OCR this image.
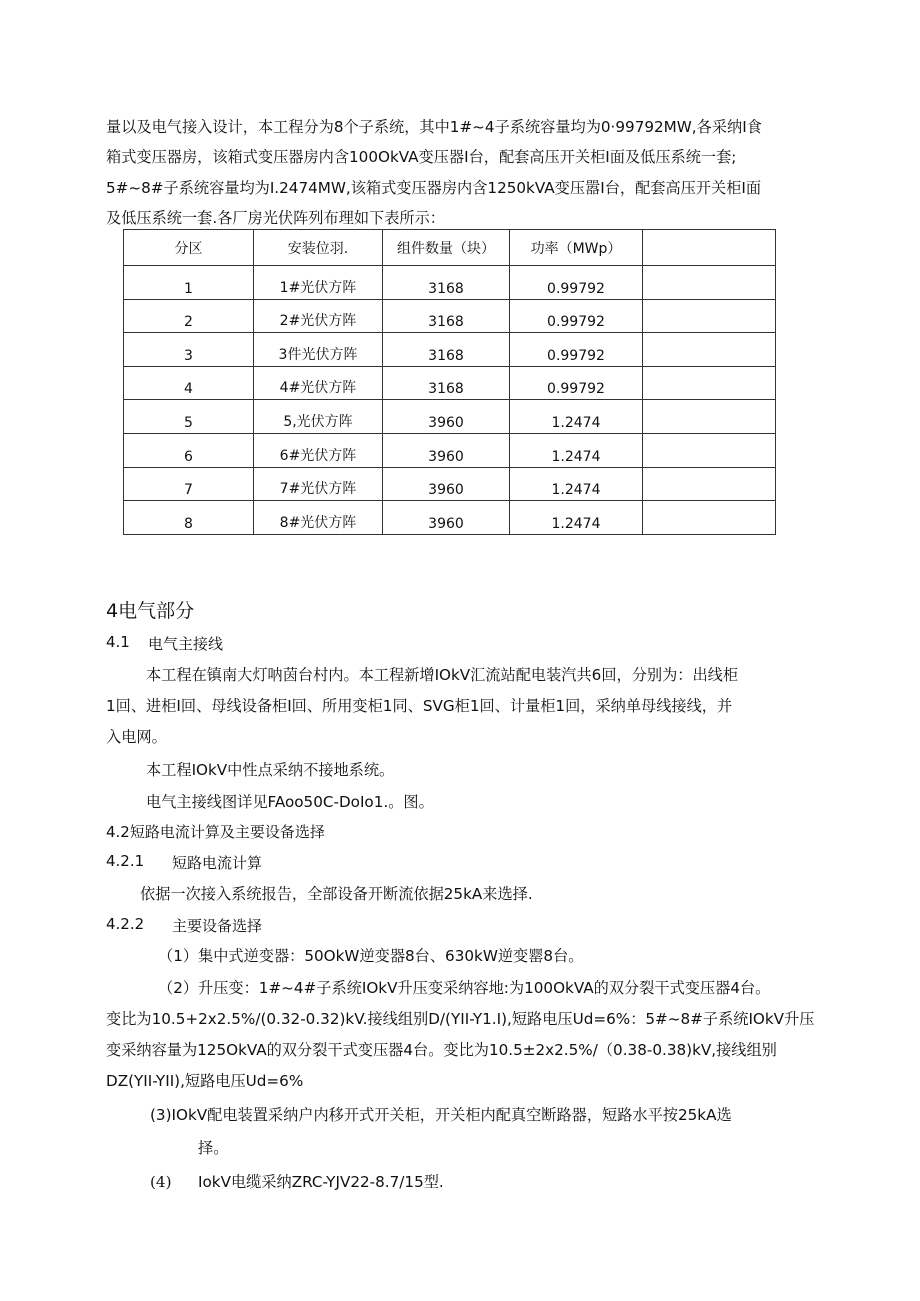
量以及电气接入设计，本工程分为8个子系统，其中1#~4子系统容量均为0·99792MW,各采纳I食
箱式变压器房，该箱式变压器房内含100OkVA变压器I台，配套高压开关柜I面及低压系统一套;
5#~8#子系统容量均为I.2474MW,该箱式变压器房内含1250kVA变压嚣I台，配套高压开关柜I面
及低压系统一套.各厂房光伏阵列布理如下表所示：
分区	安装位羽.	组件数量（块）	功率（MWp）	
1	1#光伏方阵	3168	0.99792	
2	2#光伏方阵	3168	0.99792	
3	3件光伏方阵	3168	0.99792	
4	4#光伏方阵	3168	0.99792	
5	5,光伏方阵	3960	1.2474	
6	6#光伏方阵	3960	1.2474	
7	7#光伏方阵	3960	1.2474	
8	8#光伏方阵	3960	1.2474	
4电气部分
4.1 电气主接线
本工程在镇南大灯呐茵台村内。本工程新增IOkV汇流站配电装汽共6回，分别为：出线柜
1回、进柜I回、母线设备柜I回、所用变柜1同、SVG柜1回、计量柜1回，采纳单母线接线，并
入电网。
本工程IOkV中性点采纳不接地系统。
电气主接线图详见FAoo50C-DoIo1.。图。
4.2短路电流计算及主要设备选择
4.2.1 短路电流计算
依据一次接入系统报告，全部设备开断流依据25kA来选择.
4.2.2 主要设备选择
（1）集中式逆变器：50OkW逆变器8台、630kW逆变罂8台。
（2）升压变：1#~4#子系统IOkV升压变采纳容地:为100OkVA的双分裂干式变压器4台。
变比为10.5+2x2.5%/(0.32-0.32)kV.接线组别D/(YII-Y1.I),短路电压Ud=6%：5#~8#子系统IOkV升压
变采纳容量为125OkVA的双分裂干式变压器4台。变比为10.5±2x2.5%/（0.38-0.38)kV,接线组别
DZ(YII-YII),短路电压Ud=6%
(3)IOkV配电装置采纳户内移开式开关柜，开关柜内配真空断路器，短路水平按25kA选
择。
(4) IokV电缆采纳ZRC-YJV22-8.7/15型.
